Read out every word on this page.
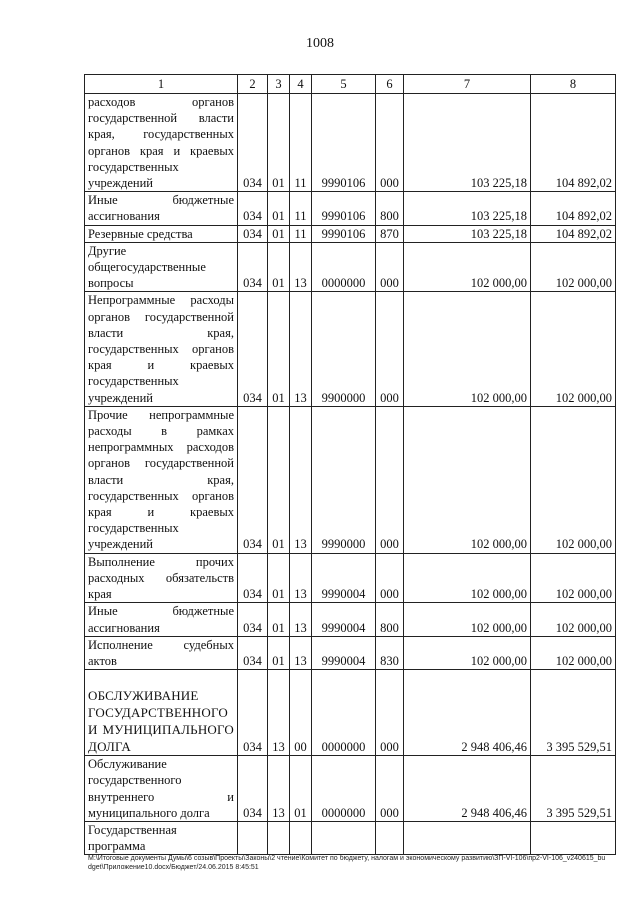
1008
1	2	3	4	5	6	7	8
расходов органов государственной власти края, государственных органов края и краевых государственных учреждений	034	01	11	9990106	000	103 225,18	104 892,02
Иные бюджетные ассигнования	034	01	11	9990106	800	103 225,18	104 892,02
Резервные средства	034	01	11	9990106	870	103 225,18	104 892,02
Другие общегосударственные вопросы	034	01	13	0000000	000	102 000,00	102 000,00
Непрограммные расходы органов государственной власти края, государственных органов края и краевых государственных учреждений	034	01	13	9900000	000	102 000,00	102 000,00
Прочие непрограммные расходы в рамках непрограммных расходов органов государственной власти края, государственных органов края и краевых государственных учреждений	034	01	13	9990000	000	102 000,00	102 000,00
Выполнение прочих расходных обязательств края	034	01	13	9990004	000	102 000,00	102 000,00
Иные бюджетные ассигнования	034	01	13	9990004	800	102 000,00	102 000,00
Исполнение судебных актов	034	01	13	9990004	830	102 000,00	102 000,00
ОБСЛУЖИВАНИЕ ГОСУДАРСТВЕННОГО И МУНИЦИПАЛЬНОГО ДОЛГА	034	13	00	0000000	000	2 948 406,46	3 395 529,51
Обслуживание государственного внутреннего и муниципального долга	034	13	01	0000000	000	2 948 406,46	3 395 529,51
Государственная программа							
M:\Итоговые документы Думы\6 созыв\Проекты\Законы\2 чтение\Комитет по бюджету, налогам и экономическому развитию\ЗП-VI-106\пр2-VI-106_v240615_budget\Приложение10.docx/Бюджет/24.06.2015 8:45:51
